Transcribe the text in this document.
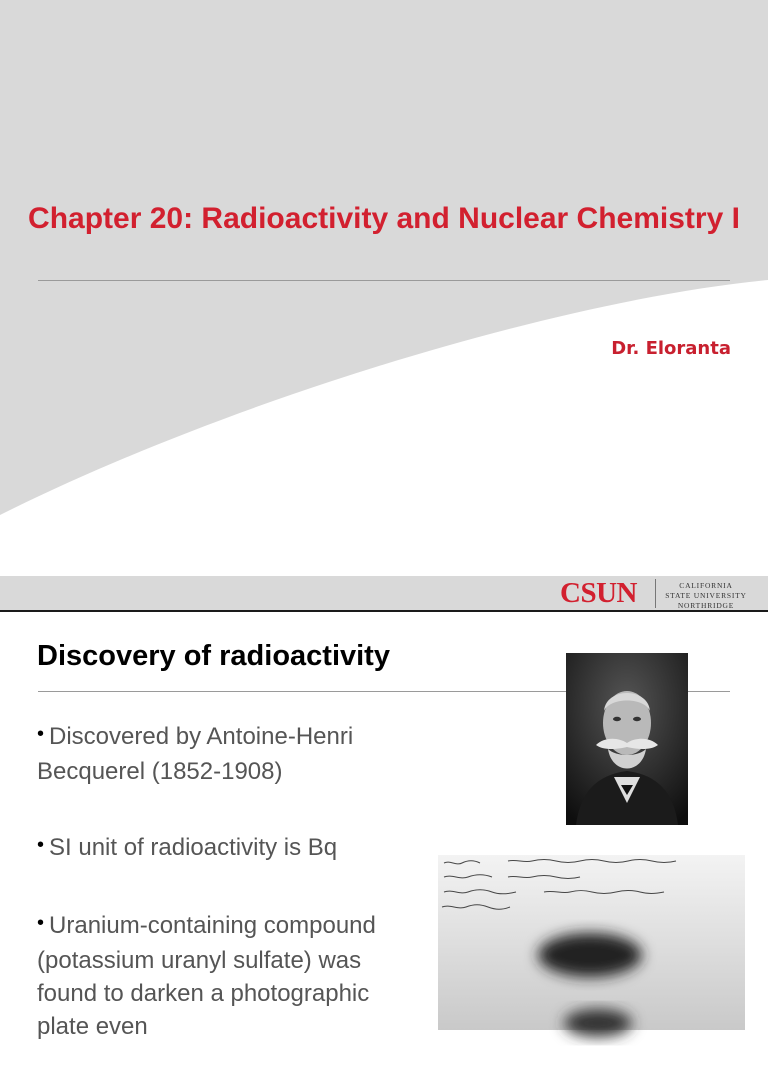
Chapter 20: Radioactivity and Nuclear Chemistry I
Dr. Eloranta
CSUN	CALIFORNIA
STATE UNIVERSITY
NORTHRIDGE
Discovery of radioactivity
• Discovered by Antoine-Henri Becquerel (1852-1908)
• SI unit of radioactivity is Bq
• Uranium-containing compound (potassium uranyl sulfate) was found to darken a photographic plate even
